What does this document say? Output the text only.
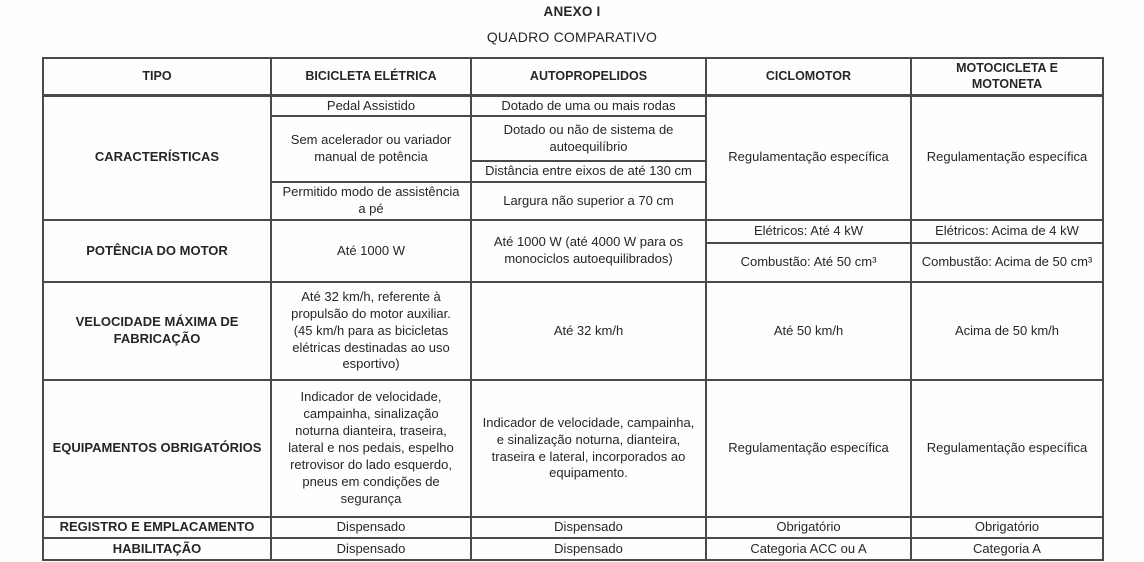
ANEXO I
QUADRO COMPARATIVO
TIPO	BICICLETA ELÉTRICA	AUTOPROPELIDOS	CICLOMOTOR	MOTOCICLETA E MOTONETA
CARACTERÍSTICAS	Pedal Assistido	Dotado de uma ou mais rodas	Regulamentação específica	Regulamentação específica
	Sem acelerador ou variador manual de potência	Dotado ou não de sistema de autoequilíbrio		
		Distância entre eixos de até 130 cm		
	Permitido modo de assistência a pé	Largura não superior a 70 cm		
POTÊNCIA DO MOTOR	Até 1000 W	Até 1000 W (até 4000 W para os monociclos autoequilibrados)	Elétricos: Até 4 kW	Elétricos: Acima de 4 kW
			Combustão: Até 50 cm³	Combustão: Acima de 50 cm³
VELOCIDADE MÁXIMA DE FABRICAÇÃO	Até 32 km/h, referente à propulsão do motor auxiliar. (45 km/h para as bicicletas elétricas destinadas ao uso esportivo)	Até 32 km/h	Até 50 km/h	Acima de 50 km/h
EQUIPAMENTOS OBRIGATÓRIOS	Indicador de velocidade, campainha, sinalização noturna dianteira, traseira, lateral e nos pedais, espelho retrovisor do lado esquerdo, pneus em condições de segurança	Indicador de velocidade, campainha, e sinalização noturna, dianteira, traseira e lateral, incorporados ao equipamento.	Regulamentação específica	Regulamentação específica
REGISTRO E EMPLACAMENTO	Dispensado	Dispensado	Obrigatório	Obrigatório
HABILITAÇÃO	Dispensado	Dispensado	Categoria ACC ou A	Categoria A
